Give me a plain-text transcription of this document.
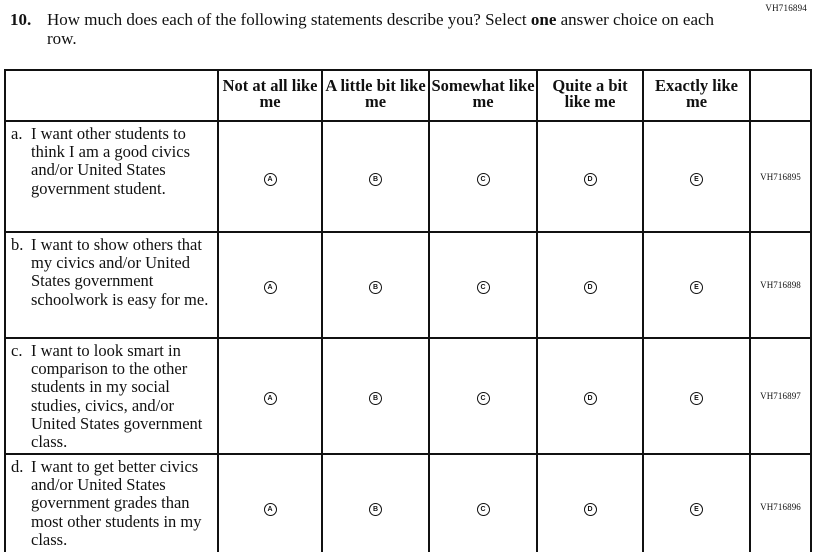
VH716894
10. How much does each of the following statements describe you? Select one answer choice on each row.
	Not at all like me	A little bit like me	Somewhat like me	Quite a bit like me	Exactly like me	

a. I want other students to think I am a good civics and/or United States government student.	A	B	C	D	E	VH716895

b. I want to show others that my civics and/or United States government schoolwork is easy for me.	A	B	C	D	E	VH716898

c. I want to look smart in comparison to the other students in my social studies, civics, and/or United States government class.	A	B	C	D	E	VH716897

d. I want to get better civics and/or United States government grades than most other students in my class.	A	B	C	D	E	VH716896
